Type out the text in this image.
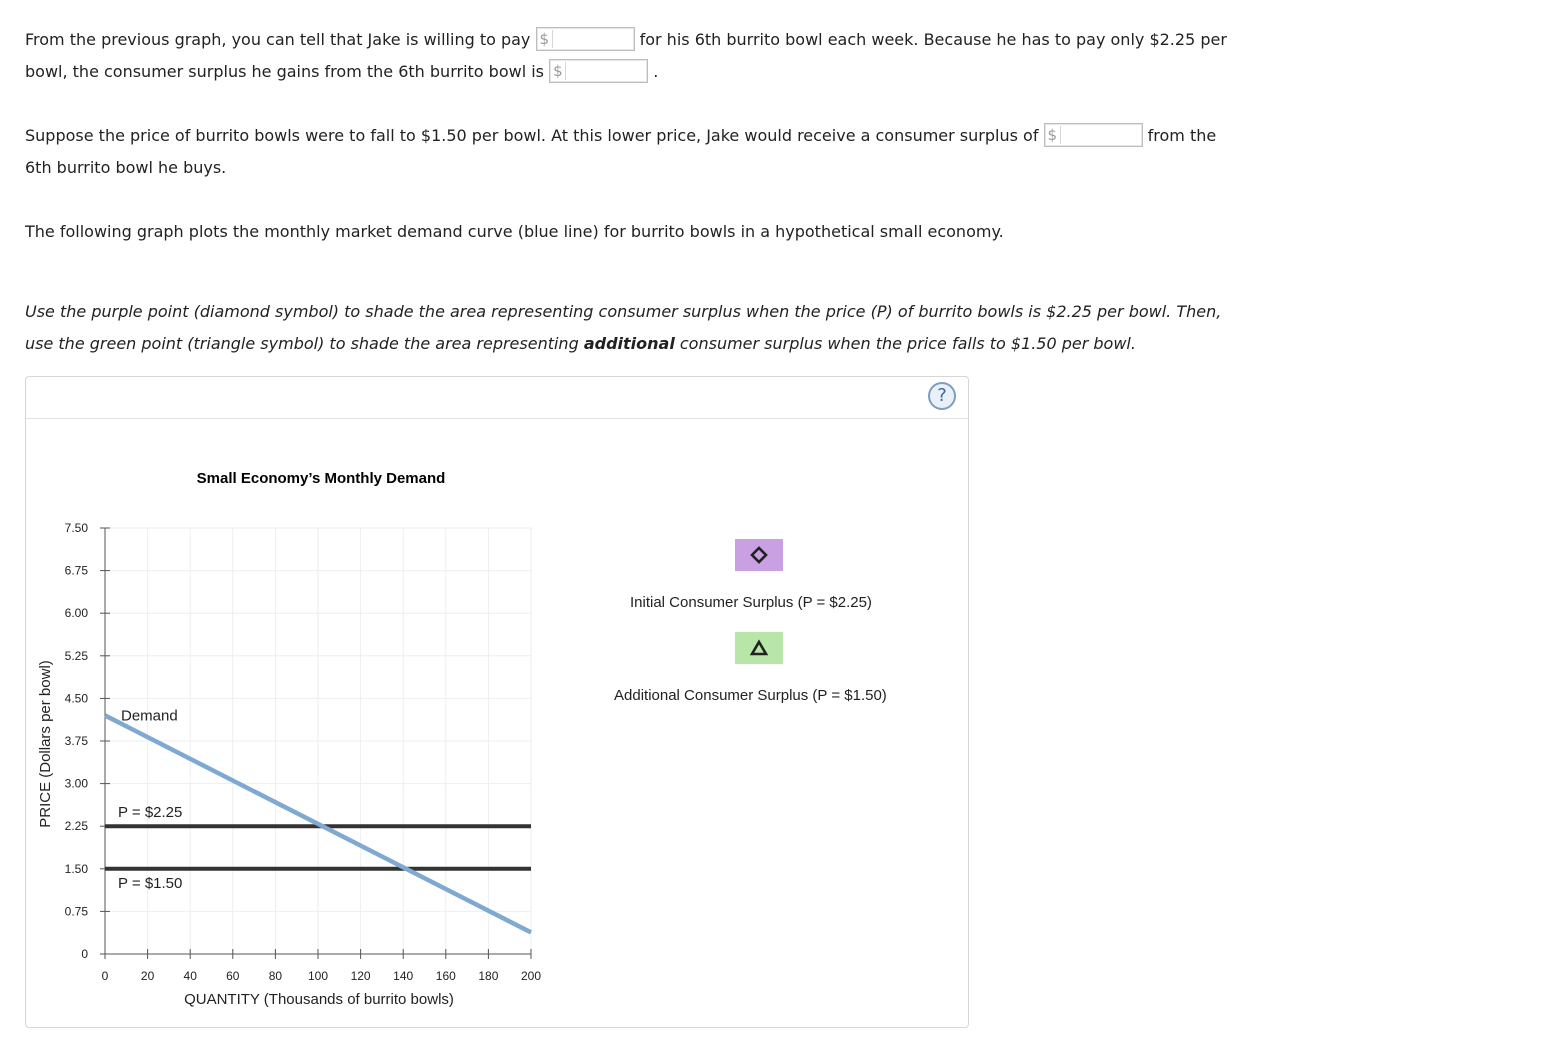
From the previous graph, you can tell that Jake is willing to pay $	for his 6th burrito bowl each week. Because he has to pay only $2.25 per
bowl, the consumer surplus he gains from the 6th burrito bowl is $	.
Suppose the price of burrito bowls were to fall to $1.50 per bowl. At this lower price, Jake would receive a consumer surplus of $	from the
6th burrito bowl he buys.
The following graph plots the monthly market demand curve (blue line) for burrito bowls in a hypothetical small economy.
Use the purple point (diamond symbol) to shade the area representing consumer surplus when the price (P) of burrito bowls is $2.25 per bowl. Then,
use the green point (triangle symbol) to shade the area representing additional consumer surplus when the price falls to $1.50 per bowl.
?
0
0.75
1.50
2.25
3.00
3.75
4.50
5.25
6.00
6.75
7.50
0	20 40 60 80 100 120 140 160 180 200
P = $2.25
P = $1.50
Demand
Small Economy’s Monthly Demand
QUANTITY (Thousands of burrito bowls)
PRICE (Dollars per bowl)
Initial Consumer Surplus (P = $2.25)
Additional Consumer Surplus (P = $1.50)
